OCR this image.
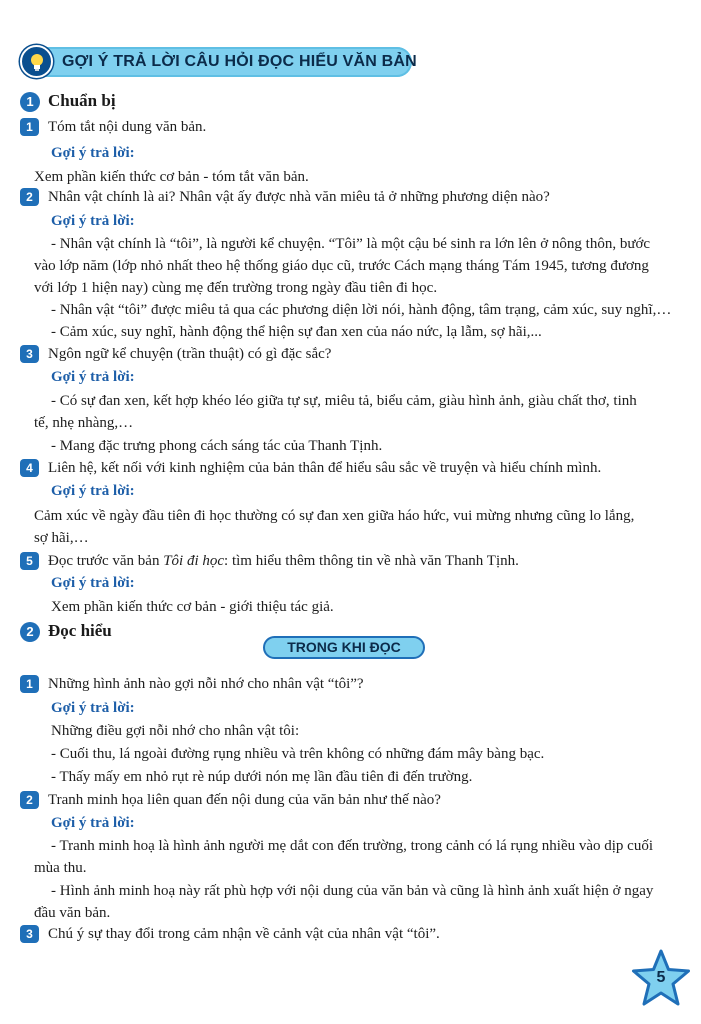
GỢI Ý TRẢ LỜI CÂU HỎI ĐỌC HIỂU VĂN BẢN
1 Chuẩn bị
1	Tóm tắt nội dung văn bản.
Gợi ý trả lời:
Xem phần kiến thức cơ bản - tóm tắt văn bản.
2	Nhân vật chính là ai? Nhân vật ấy được nhà văn miêu tả ở những phương diện nào?
Gợi ý trả lời:
- Nhân vật chính là “tôi”, là người kể chuyện. “Tôi” là một cậu bé sinh ra lớn lên ở nông thôn, bước
vào lớp năm (lớp nhỏ nhất theo hệ thống giáo dục cũ, trước Cách mạng tháng Tám 1945, tương đương
với lớp 1 hiện nay) cùng mẹ đến trường trong ngày đầu tiên đi học.
- Nhân vật “tôi” được miêu tả qua các phương diện lời nói, hành động, tâm trạng, cảm xúc, suy nghĩ,…
- Cảm xúc, suy nghĩ, hành động thể hiện sự đan xen của náo nức, lạ lẫm, sợ hãi,...
3	Ngôn ngữ kể chuyện (trần thuật) có gì đặc sắc?
Gợi ý trả lời:
- Có sự đan xen, kết hợp khéo léo giữa tự sự, miêu tả, biểu cảm, giàu hình ảnh, giàu chất thơ, tinh
tế, nhẹ nhàng,…
- Mang đặc trưng phong cách sáng tác của Thanh Tịnh.
4	Liên hệ, kết nối với kinh nghiệm của bản thân để hiểu sâu sắc về truyện và hiểu chính mình.
Gợi ý trả lời:
Cảm xúc về ngày đầu tiên đi học thường có sự đan xen giữa háo hức, vui mừng nhưng cũng lo lắng,
sợ hãi,…
5	Đọc trước văn bản Tôi đi học: tìm hiểu thêm thông tin về nhà văn Thanh Tịnh.
Gợi ý trả lời:
Xem phần kiến thức cơ bản - giới thiệu tác giả.
2 Đọc hiểu
TRONG KHI ĐỌC
1	Những hình ảnh nào gợi nỗi nhớ cho nhân vật “tôi”?
Gợi ý trả lời:
Những điều gợi nỗi nhớ cho nhân vật tôi:
- Cuối thu, lá ngoài đường rụng nhiều và trên không có những đám mây bàng bạc.
- Thấy mấy em nhỏ rụt rè núp dưới nón mẹ lần đầu tiên đi đến trường.
2	Tranh minh họa liên quan đến nội dung của văn bản như thế nào?
Gợi ý trả lời:
- Tranh minh hoạ là hình ảnh người mẹ dắt con đến trường, trong cảnh có lá rụng nhiều vào dịp cuối
mùa thu.
- Hình ảnh minh hoạ này rất phù hợp với nội dung của văn bản và cũng là hình ảnh xuất hiện ở ngay
đầu văn bản.
3	Chú ý sự thay đổi trong cảm nhận về cảnh vật của nhân vật “tôi”.
5
